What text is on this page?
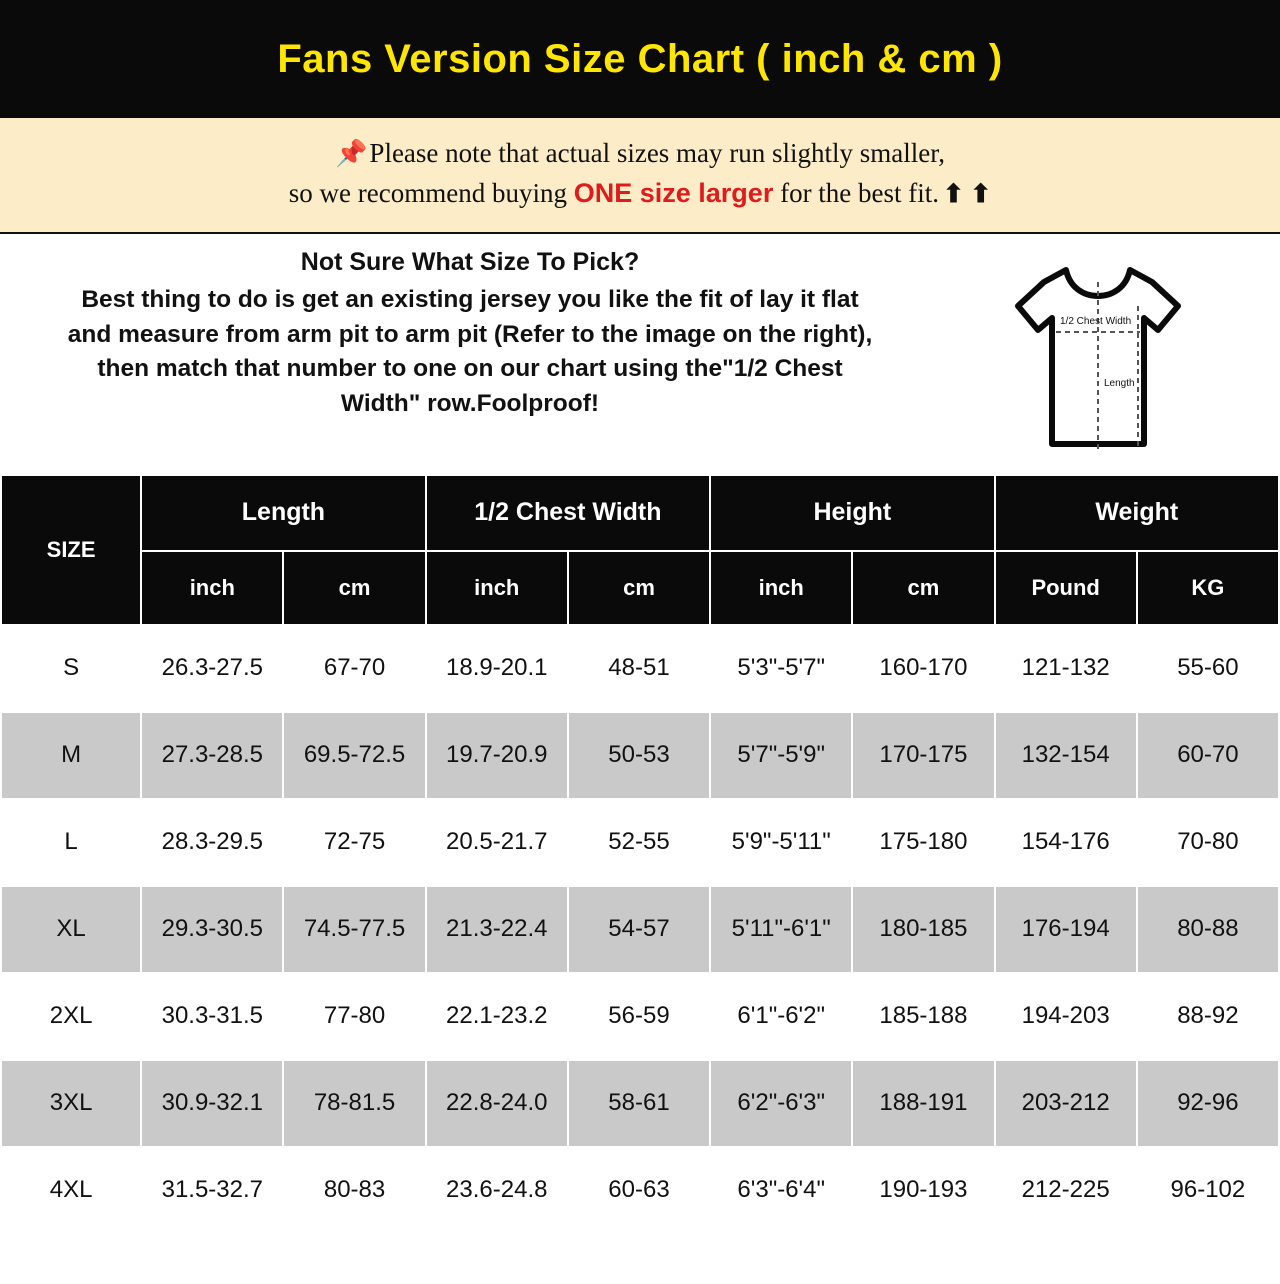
Fans Version Size Chart ( inch & cm )
📌Please note that actual sizes may run slightly smaller,
so we recommend buying ONE size larger for the best fit. ⬆ ⬆
Not Sure What Size To Pick?
Best thing to do is get an existing jersey you like the fit of lay it flat
and measure from arm pit to arm pit (Refer to the image on the right),
then match that number to one on our chart using the"1/2 Chest
Width" row.Foolproof!
1/2 Chest Width
Length
SIZE	Length		1/2 Chest Width		Height		Weight	
	inch	cm	inch	cm	inch	cm	Pound	KG
S	26.3-27.5	67-70	18.9-20.1	48-51	5'3"-5'7"	160-170	121-132	55-60
M	27.3-28.5	69.5-72.5	19.7-20.9	50-53	5'7"-5'9"	170-175	132-154	60-70
L	28.3-29.5	72-75	20.5-21.7	52-55	5'9"-5'11"	175-180	154-176	70-80
XL	29.3-30.5	74.5-77.5	21.3-22.4	54-57	5'11"-6'1"	180-185	176-194	80-88
2XL	30.3-31.5	77-80	22.1-23.2	56-59	6'1"-6'2"	185-188	194-203	88-92
3XL	30.9-32.1	78-81.5	22.8-24.0	58-61	6'2"-6'3"	188-191	203-212	92-96
4XL	31.5-32.7	80-83	23.6-24.8	60-63	6'3"-6'4"	190-193	212-225	96-102
